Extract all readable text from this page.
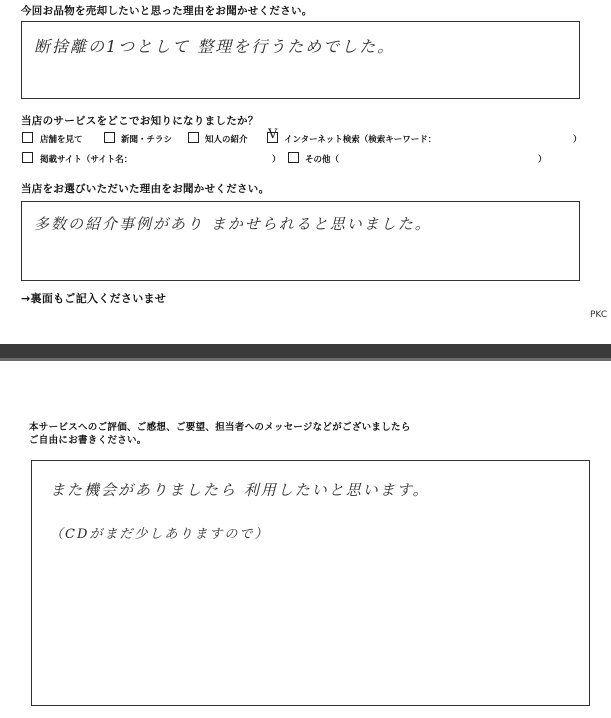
今回お品物を売却したいと思った理由をお聞かせください。
断捨離の1つとして 整理を行うためでした。
当店のサービスをどこでお知りになりましたか？
店舗を見て	新聞・チラシ	知人の紹介 V インターネット検索（検索キーワード：	）
掲載サイト（サイト名：	）	その他（	）
当店をお選びいただいた理由をお聞かせください。
多数の紹介事例があり まかせられると思いました。
→裏面もご記入くださいませ
PKC
本サービスへのご評価、ご感想、ご要望、担当者へのメッセージなどがございましたら
ご自由にお書きください。
また機会がありましたら 利用したいと思います。
（CDがまだ少しありますので）
